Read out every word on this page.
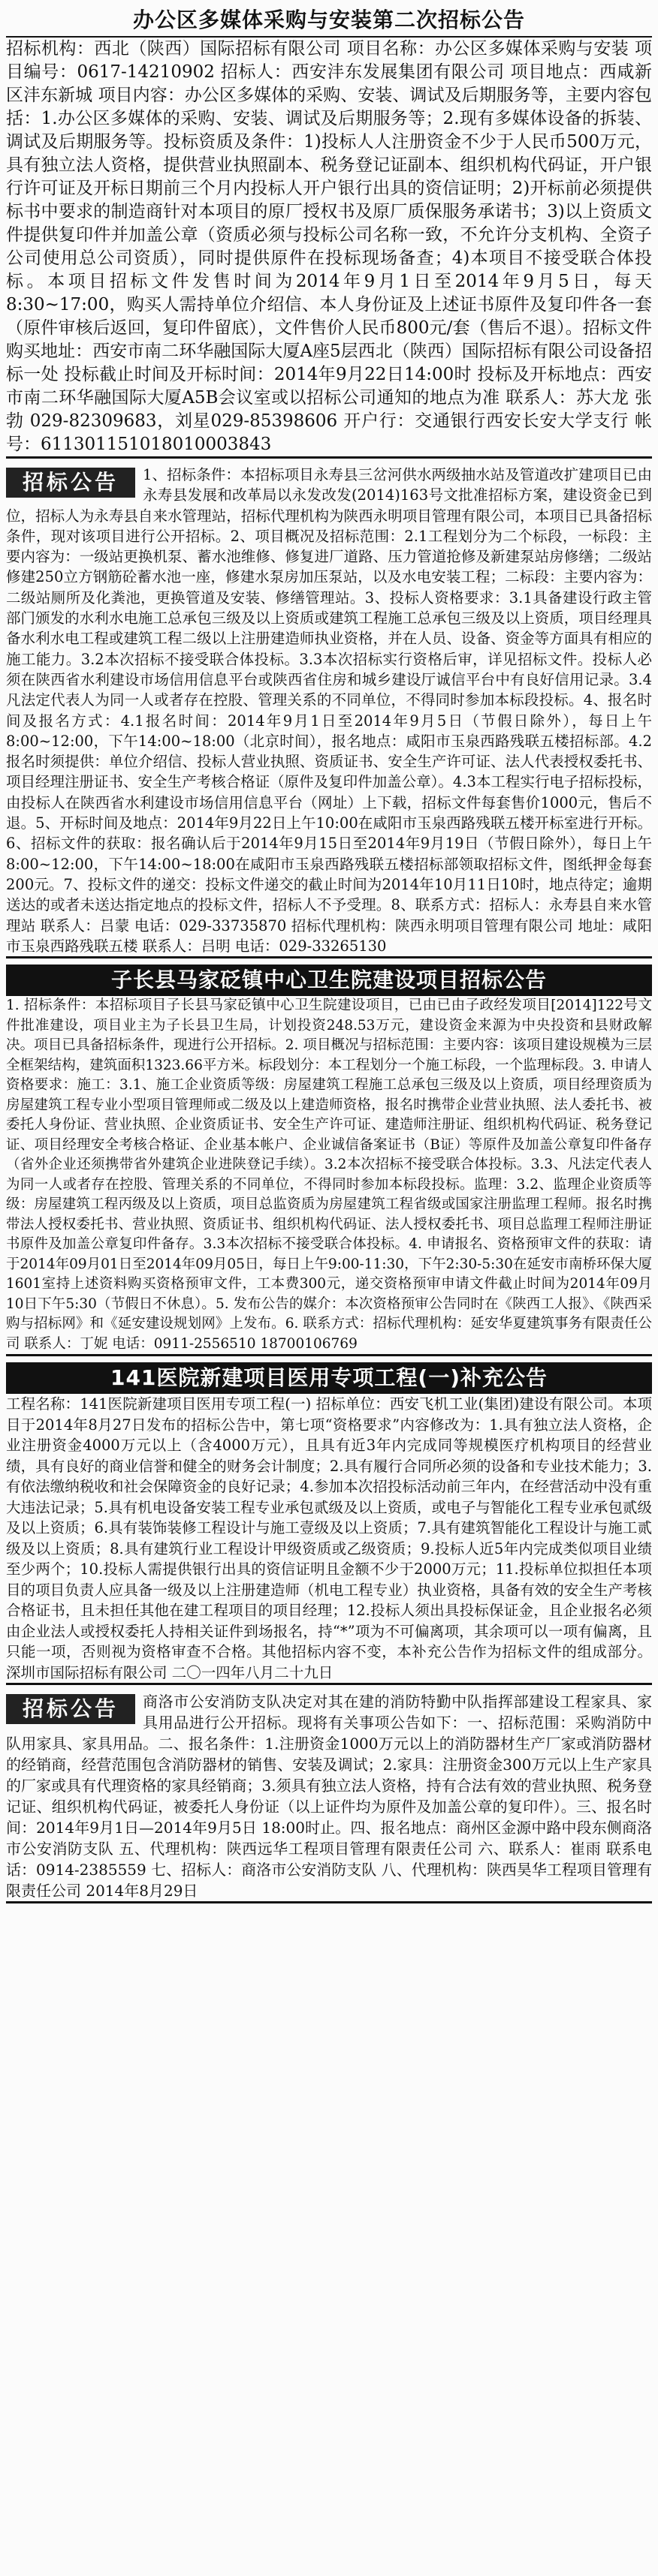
办公区多媒体采购与安装第二次招标公告

招标机构：西北（陕西）国际招标有限公司 项目名称：办公区多媒体采购与安装 项目编号：0617-14210902 招标人：西安沣东发展集团有限公司 项目地点：西咸新区沣东新城 项目内容：办公区多媒体的采购、安装、调试及后期服务等，主要内容包括：1.办公区多媒体的采购、安装、调试及后期服务等；2.现有多媒体设备的拆装、调试及后期服务等。投标资质及条件：1)投标人人注册资金不少于人民币500万元，具有独立法人资格，提供营业执照副本、税务登记证副本、组织机构代码证，开户银行许可证及开标日期前三个月内投标人开户银行出具的资信证明；2)开标前必须提供标书中要求的制造商针对本项目的原厂授权书及原厂质保服务承诺书；3)以上资质文件提供复印件并加盖公章（资质必须与投标公司名称一致，不允许分支机构、全资子公司使用总公司资质），同时提供原件在投标现场备查；4)本项目不接受联合体投标。本项目招标文件发售时间为2014年9月1日至2014年9月5日，每天8:30~17:00，购买人需持单位介绍信、本人身份证及上述证书原件及复印件各一套（原件审核后返回，复印件留底），文件售价人民币800元/套（售后不退）。招标文件购买地址：西安市南二环华融国际大厦A座5层西北（陕西）国际招标有限公司设备招标一处 投标截止时间及开标时间：2014年9月22日14:00时 投标及开标地点：西安市南二环华融国际大厦A5B会议室或以招标公司通知的地点为准 联系人：苏大龙 张勃 029-82309683，刘星029-85398606 开户行：交通银行西安长安大学支行 帐号：611301151018010003843

招标公告	1、招标条件：本招标项目永寿县三岔河供水两级抽水站及管道改扩建项目已由永寿县发展和改革局以永发改发(2014)163号文批准招标方案，建设资金已到位，招标人为永寿县自来水管理站，招标代理机构为陕西永明项目管理有限公司，本项目已具备招标条件，现对该项目进行公开招标。2、项目概况及招标范围：2.1工程划分为二个标段，一标段：主要内容为：一级站更换机泵、蓄水池维修、修复进厂道路、压力管道抢修及新建泵站房修缮；二级站修建250立方钢筋砼蓄水池一座，修建水泵房加压泵站，以及水电安装工程；二标段：主要内容为：二级站厕所及化粪池，更换管道及安装、修缮管理站。3、投标人资格要求：3.1具备建设行政主管部门颁发的水利水电施工总承包三级及以上资质或建筑工程施工总承包三级及以上资质，项目经理具备水利水电工程或建筑工程二级以上注册建造师执业资格，并在人员、设备、资金等方面具有相应的施工能力。3.2本次招标不接受联合体投标。3.3本次招标实行资格后审，详见招标文件。投标人必须在陕西省水利建设市场信用信息平台或陕西省住房和城乡建设厅诚信平台中有良好信用记录。3.4凡法定代表人为同一人或者存在控股、管理关系的不同单位，不得同时参加本标段投标。4、报名时间及报名方式：4.1报名时间：2014年9月1日至2014年9月5日（节假日除外），每日上午8:00~12:00，下午14:00~18:00（北京时间），报名地点：咸阳市玉泉西路残联五楼招标部。4.2报名时须提供：单位介绍信、投标人营业执照、资质证书、安全生产许可证、法人代表授权委托书、项目经理注册证书、安全生产考核合格证（原件及复印件加盖公章）。4.3本工程实行电子招标投标，由投标人在陕西省水利建设市场信用信息平台（网址）上下载，招标文件每套售价1000元，售后不退。5、开标时间及地点：2014年9月22日上午10:00在咸阳市玉泉西路残联五楼开标室进行开标。6、招标文件的获取：报名确认后于2014年9月15日至2014年9月19日（节假日除外），每日上午8:00~12:00，下午14:00~18:00在咸阳市玉泉西路残联五楼招标部领取招标文件，图纸押金每套200元。7、投标文件的递交：投标文件递交的截止时间为2014年10月11日10时，地点待定；逾期送达的或者未送达指定地点的投标文件，招标人不予受理。8、联系方式：招标人：永寿县自来水管理站 联系人：吕蒙 电话：029-33735870 招标代理机构：陕西永明项目管理有限公司 地址：咸阳市玉泉西路残联五楼 联系人：吕明 电话：029-33265130

子长县马家砭镇中心卫生院建设项目招标公告

1. 招标条件：本招标项目子长县马家砭镇中心卫生院建设项目，已由已由子政经发项目[2014]122号文件批准建设，项目业主为子长县卫生局，计划投资248.53万元，建设资金来源为中央投资和县财政解决。项目已具备招标条件，现进行公开招标。2. 项目概况与招标范围：主要内容：该项目建设规模为三层全框架结构，建筑面积1323.66平方米。标段划分：本工程划分一个施工标段，一个监理标段。3. 申请人资格要求：施工：3.1、施工企业资质等级：房屋建筑工程施工总承包三级及以上资质，项目经理资质为房屋建筑工程专业小型项目管理师或二级及以上建造师资格，报名时携带企业营业执照、法人委托书、被委托人身份证、营业执照、企业资质证书、安全生产许可证、建造师注册证、组织机构代码证、税务登记证、项目经理安全考核合格证、企业基本帐户、企业诚信备案证书（B证）等原件及加盖公章复印件备存（省外企业还须携带省外建筑企业进陕登记手续）。3.2本次招标不接受联合体投标。3.3、凡法定代表人为同一人或者存在控股、管理关系的不同单位，不得同时参加本标段投标。监理：3.2、监理企业资质等级：房屋建筑工程丙级及以上资质，项目总监资质为房屋建筑工程省级或国家注册监理工程师。报名时携带法人授权委托书、营业执照、资质证书、组织机构代码证、法人授权委托书、项目总监理工程师注册证书原件及加盖公章复印件备存。3.3本次招标不接受联合体投标。4. 申请报名、资格预审文件的获取：请于2014年09月01日至2014年09月05日，每日上午9:00-11:30，下午2:30-5:30在延安市南桥环保大厦1601室持上述资料购买资格预审文件，工本费300元，递交资格预审申请文件截止时间为2014年09月10日下午5:30（节假日不休息）。5. 发布公告的媒介：本次资格预审公告同时在《陕西工人报》、《陕西采购与招标网》和《延安建设规划网》上发布。6. 联系方式：招标代理机构：延安华夏建筑事务有限责任公司 联系人：丁妮 电话：0911-2556510 18700106769

141医院新建项目医用专项工程(一)补充公告

工程名称：141医院新建项目医用专项工程(一) 招标单位：西安飞机工业(集团)建设有限公司。本项目于2014年8月27日发布的招标公告中，第七项“资格要求”内容修改为：1.具有独立法人资格，企业注册资金4000万元以上（含4000万元），且具有近3年内完成同等规模医疗机构项目的经营业绩，具有良好的商业信誉和健全的财务会计制度；2.具有履行合同所必须的设备和专业技术能力；3.有依法缴纳税收和社会保障资金的良好记录；4.参加本次招投标活动前三年内，在经营活动中没有重大违法记录；5.具有机电设备安装工程专业承包贰级及以上资质，或电子与智能化工程专业承包贰级及以上资质；6.具有装饰装修工程设计与施工壹级及以上资质；7.具有建筑智能化工程设计与施工贰级及以上资质；8.具有建筑行业工程设计甲级资质或乙级资质；9.投标人近5年内完成类似项目业绩至少两个；10.投标人需提供银行出具的资信证明且金额不少于2000万元；11.投标单位拟担任本项目的项目负责人应具备一级及以上注册建造师（机电工程专业）执业资格，具备有效的安全生产考核合格证书，且未担任其他在建工程项目的项目经理；12.投标人须出具投标保证金，且企业报名必须由企业法人或授权委托人持相关证件到场报名，持“*”项为不可偏离项，其余项可以一项有偏离，且只能一项，否则视为资格审查不合格。其他招标内容不变，本补充公告作为招标文件的组成部分。 深圳市国际招标有限公司 二〇一四年八月二十九日

招标公告	商洛市公安消防支队决定对其在建的消防特勤中队指挥部建设工程家具、家具用品进行公开招标。现将有关事项公告如下：一、招标范围：采购消防中队用家具、家具用品。二、报名条件：1.注册资金1000万元以上的消防器材生产厂家或消防器材的经销商，经营范围包含消防器材的销售、安装及调试；2.家具：注册资金300万元以上生产家具的厂家或具有代理资格的家具经销商；3.须具有独立法人资格，持有合法有效的营业执照、税务登记证、组织机构代码证，被委托人身份证（以上证件均为原件及加盖公章的复印件）。三、报名时间：2014年9月1日—2014年9月5日 18:00时止。四、报名地点：商州区金源中路中段东侧商洛市公安消防支队 五、代理机构：陕西远华工程项目管理有限责任公司 六、联系人：崔雨 联系电话：0914-2385559 七、招标人：商洛市公安消防支队 八、代理机构：陕西昊华工程项目管理有限责任公司 2014年8月29日
